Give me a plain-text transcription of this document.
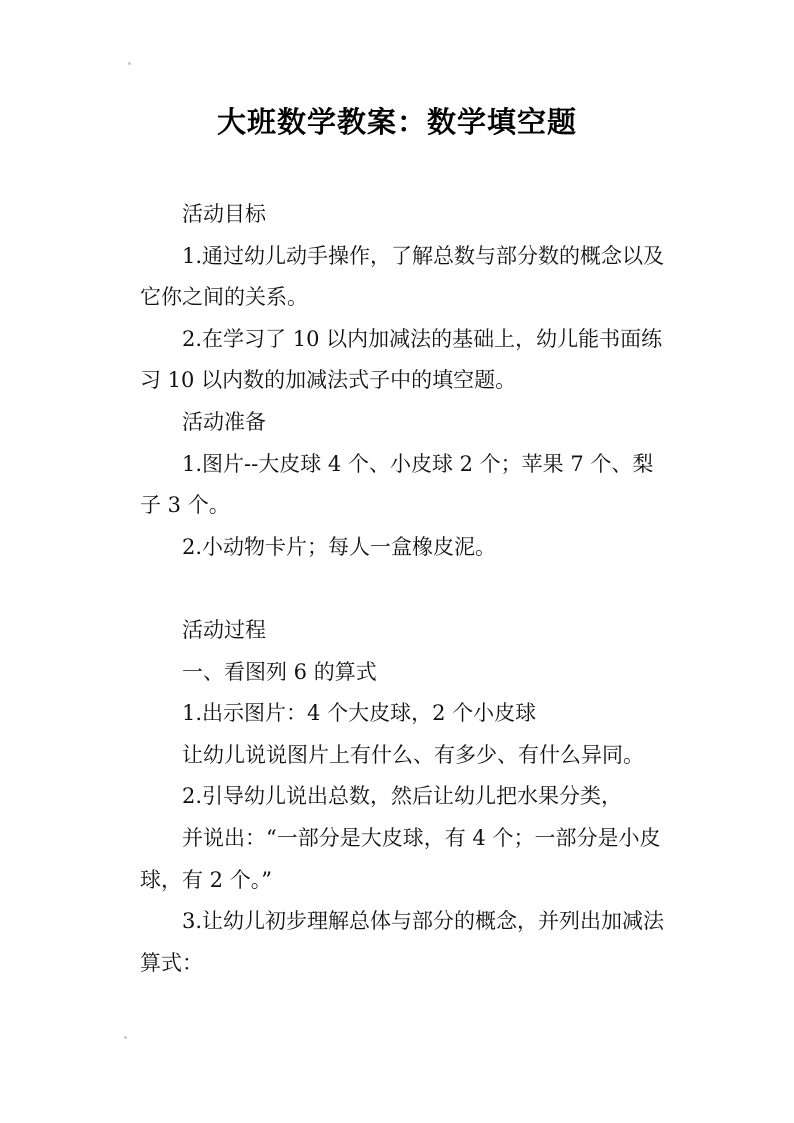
大班数学教案：数学填空题

活动目标

1.通过幼儿动手操作，了解总数与部分数的概念以及它你之间的关系。

2.在学习了 10 以内加减法的基础上，幼儿能书面练习 10 以内数的加减法式子中的填空题。

活动准备

1.图片--大皮球 4 个、小皮球 2 个；苹果 7 个、梨子 3 个。

2.小动物卡片；每人一盒橡皮泥。

活动过程

一、看图列 6 的算式

1.出示图片：4 个大皮球，2 个小皮球

让幼儿说说图片上有什么、有多少、有什么异同。

2.引导幼儿说出总数，然后让幼儿把水果分类，

并说出：“一部分是大皮球，有 4 个；一部分是小皮球，有 2 个。”

3.让幼儿初步理解总体与部分的概念，并列出加减法算式：
